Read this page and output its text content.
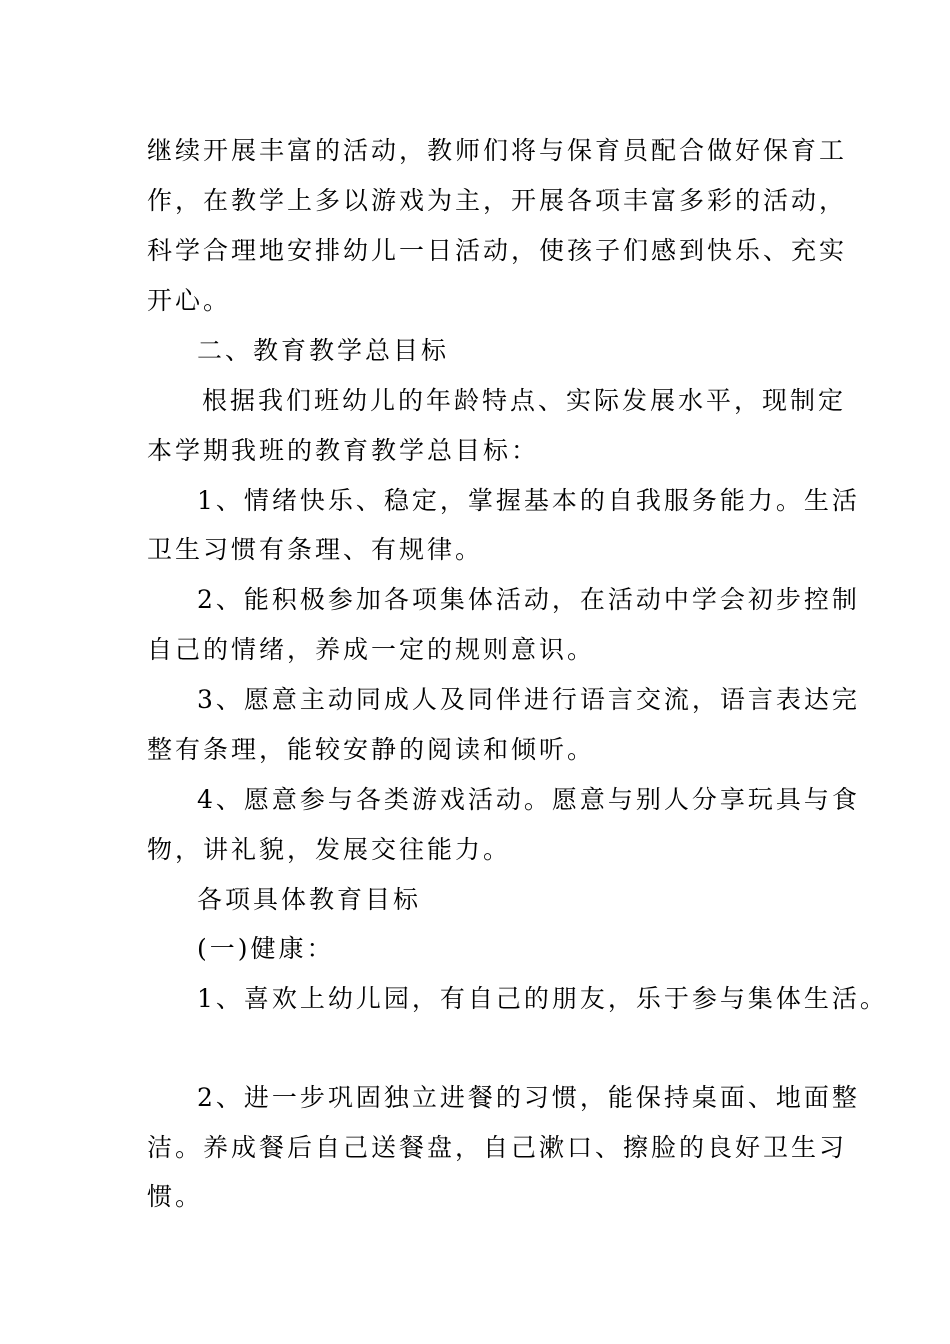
继续开展丰富的活动，教师们将与保育员配合做好保育工
作，在教学上多以游戏为主，开展各项丰富多彩的活动，
科学合理地安排幼儿一日活动，使孩子们感到快乐、充实
开心。
二、教育教学总目标
根据我们班幼儿的年龄特点、实际发展水平，现制定
本学期我班的教育教学总目标：
1、情绪快乐、稳定，掌握基本的自我服务能力。生活
卫生习惯有条理、有规律。
2、能积极参加各项集体活动，在活动中学会初步控制
自己的情绪，养成一定的规则意识。
3、愿意主动同成人及同伴进行语言交流，语言表达完
整有条理，能较安静的阅读和倾听。
4、愿意参与各类游戏活动。愿意与别人分享玩具与食
物，讲礼貌，发展交往能力。
各项具体教育目标
(一)健康：
1、喜欢上幼儿园，有自己的朋友，乐于参与集体生活。
2、进一步巩固独立进餐的习惯，能保持桌面、地面整
洁。养成餐后自己送餐盘，自己漱口、擦脸的良好卫生习
惯。
